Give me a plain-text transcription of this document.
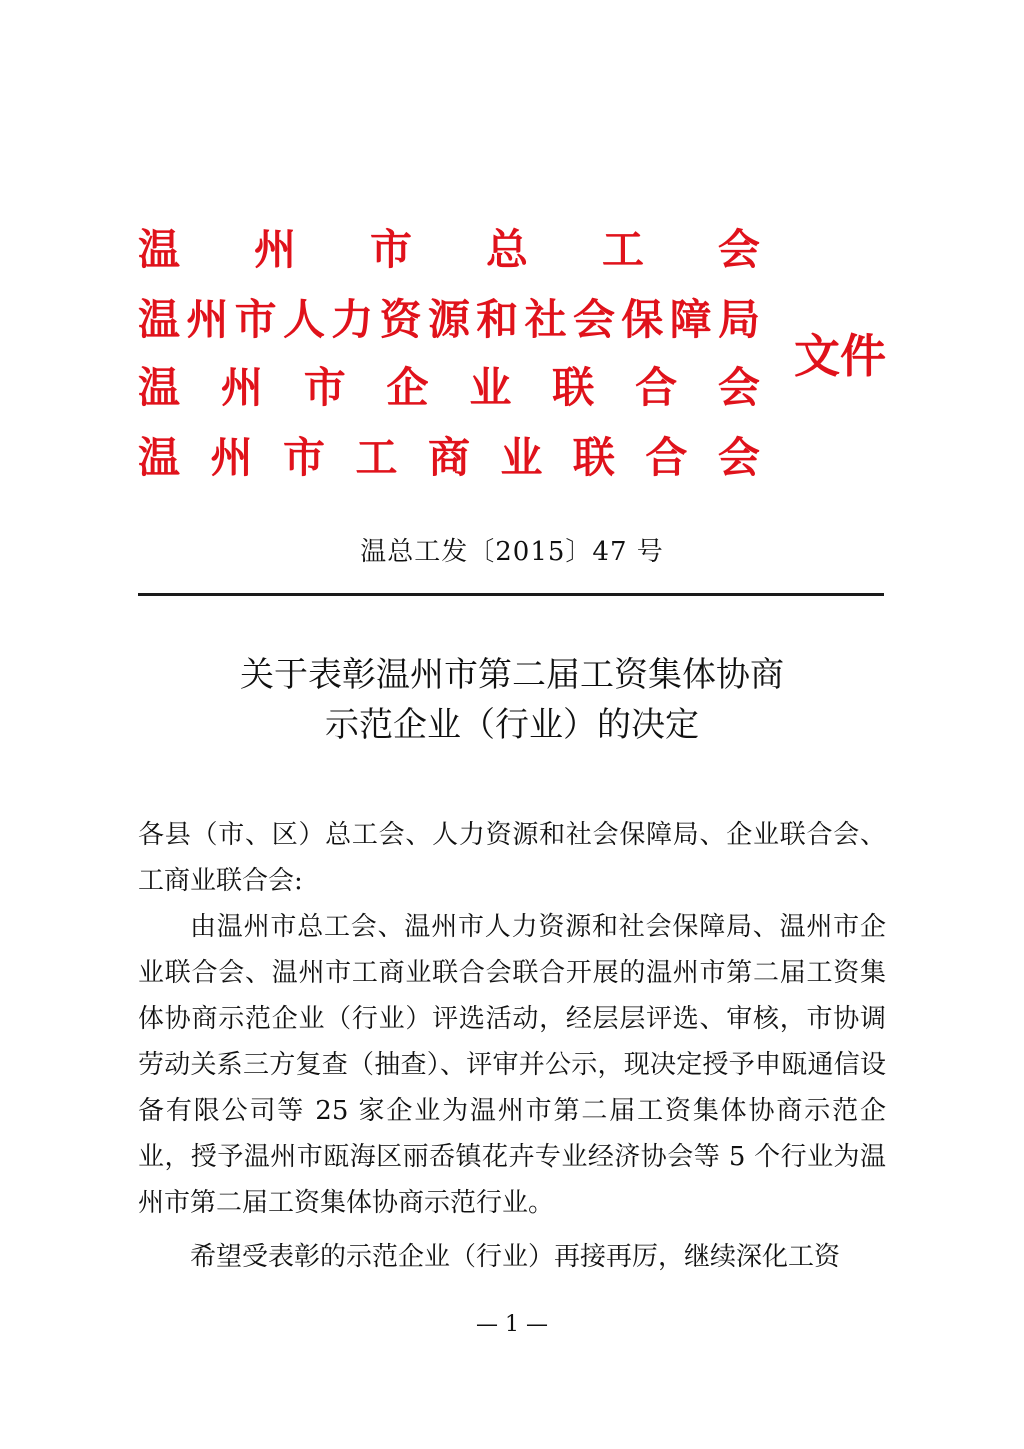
温 州 市 总 工 会
温 州 市 人 力 资 源 和 社 会 保 障 局
温 州 市 企 业 联 合 会
温 州 市 工 商 业 联 合 会
文件
温总工发〔2015〕47 号
关于表彰温州市第二届工资集体协商
示范企业（行业）的决定

各县（市、区）总工会、人力资源和社会保障局、企业联合会、工商业联合会:

由温州市总工会、温州市人力资源和社会保障局、温州市企业联合会、温州市工商业联合会联合开展的温州市第二届工资集体协商示范企业（行业）评选活动，经层层评选、审核，市协调劳动关系三方复查（抽查）、评审并公示，现决定授予申瓯通信设备有限公司等 25 家企业为温州市第二届工资集体协商示范企业，授予温州市瓯海区丽岙镇花卉专业经济协会等 5 个行业为温州市第二届工资集体协商示范行业。

希望受表彰的示范企业（行业）再接再厉，继续深化工资

— 1 —
